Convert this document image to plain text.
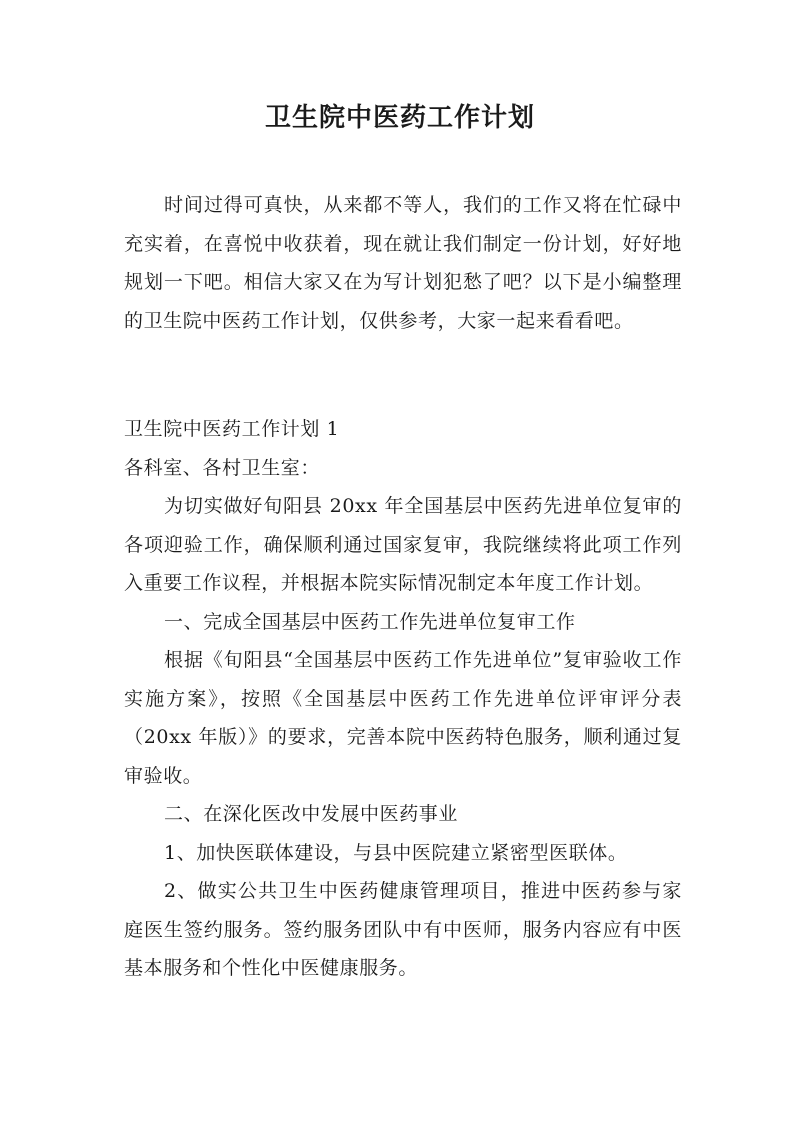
卫生院中医药工作计划

时间过得可真快，从来都不等人，我们的工作又将在忙碌中充实着，在喜悦中收获着，现在就让我们制定一份计划，好好地规划一下吧。相信大家又在为写计划犯愁了吧？以下是小编整理的卫生院中医药工作计划，仅供参考，大家一起来看看吧。

卫生院中医药工作计划 1

各科室、各村卫生室：

为切实做好旬阳县 20xx 年全国基层中医药先进单位复审的各项迎验工作，确保顺利通过国家复审，我院继续将此项工作列入重要工作议程，并根据本院实际情况制定本年度工作计划。

一、完成全国基层中医药工作先进单位复审工作

根据《旬阳县“全国基层中医药工作先进单位”复审验收工作实施方案》，按照《全国基层中医药工作先进单位评审评分表（20xx 年版）》的要求，完善本院中医药特色服务，顺利通过复审验收。

二、在深化医改中发展中医药事业

1、加快医联体建设，与县中医院建立紧密型医联体。

2、做实公共卫生中医药健康管理项目，推进中医药参与家庭医生签约服务。签约服务团队中有中医师，服务内容应有中医基本服务和个性化中医健康服务。
